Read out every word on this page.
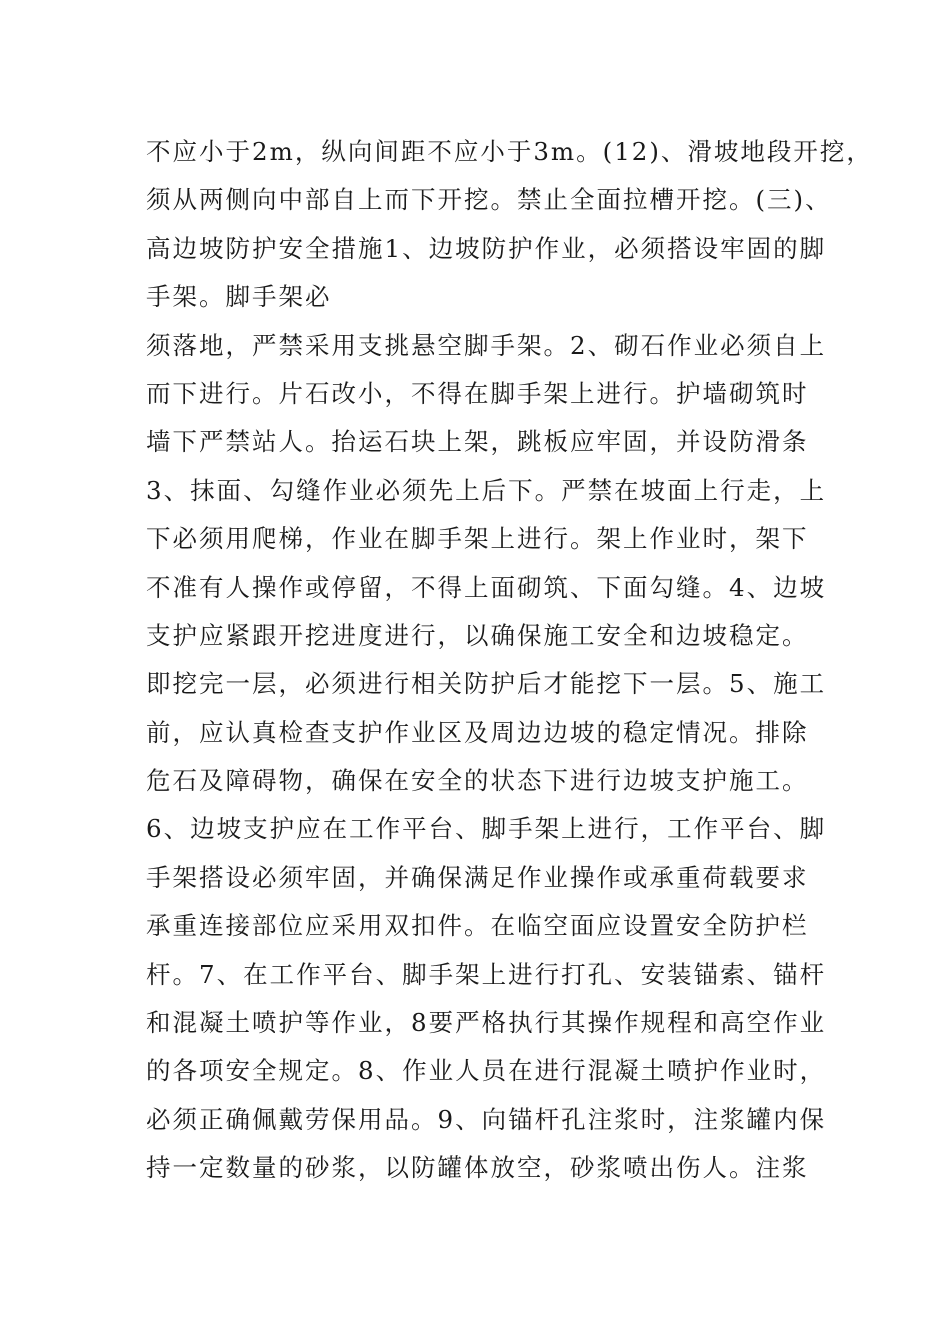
不应小于2m，纵向间距不应小于3m。(12)、滑坡地段开挖，
须从两侧向中部自上而下开挖。禁止全面拉槽开挖。(三)、
高边坡防护安全措施1、边坡防护作业，必须搭设牢固的脚
手架。脚手架必
须落地，严禁采用支挑悬空脚手架。2、砌石作业必须自上
而下进行。片石改小，不得在脚手架上进行。护墙砌筑时
墙下严禁站人。抬运石块上架，跳板应牢固，并设防滑条
3、抹面、勾缝作业必须先上后下。严禁在坡面上行走，上
下必须用爬梯，作业在脚手架上进行。架上作业时，架下
不准有人操作或停留，不得上面砌筑、下面勾缝。4、边坡
支护应紧跟开挖进度进行，以确保施工安全和边坡稳定。
即挖完一层，必须进行相关防护后才能挖下一层。5、施工
前，应认真检查支护作业区及周边边坡的稳定情况。排除
危石及障碍物，确保在安全的状态下进行边坡支护施工。
6、边坡支护应在工作平台、脚手架上进行，工作平台、脚
手架搭设必须牢固，并确保满足作业操作或承重荷载要求
承重连接部位应采用双扣件。在临空面应设置安全防护栏
杆。7、在工作平台、脚手架上进行打孔、安装锚索、锚杆
和混凝土喷护等作业，8要严格执行其操作规程和高空作业
的各项安全规定。8、作业人员在进行混凝土喷护作业时，
必须正确佩戴劳保用品。9、向锚杆孔注浆时，注浆罐内保
持一定数量的砂浆，以防罐体放空，砂浆喷出伤人。注浆
